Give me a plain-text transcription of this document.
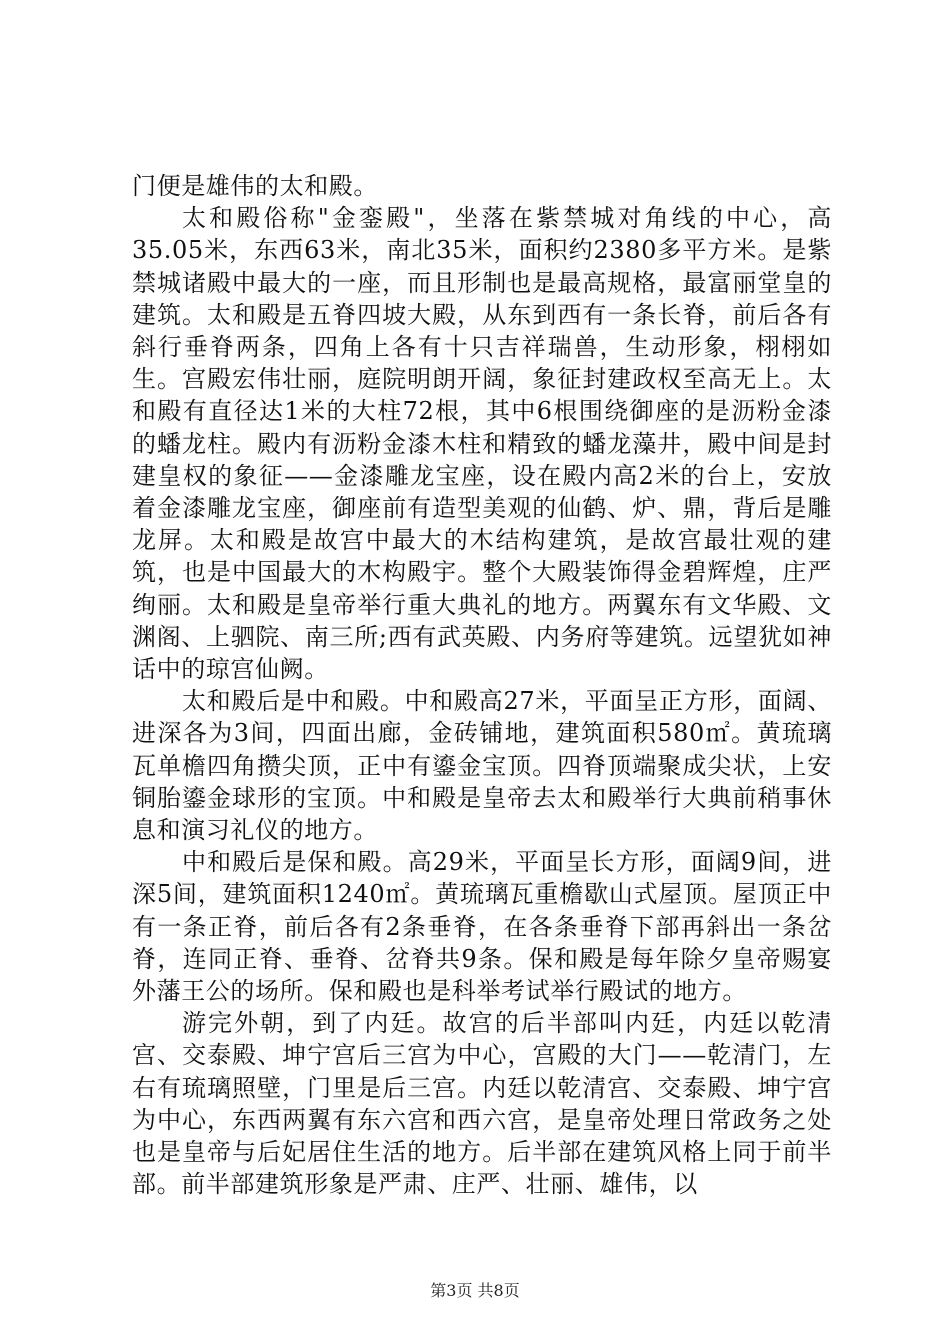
门便是雄伟的太和殿。

太和殿俗称"金銮殿"，坐落在紫禁城对角线的中心，高35.05米，东西63米，南北35米，面积约2380多平方米。是紫禁城诸殿中最大的一座，而且形制也是最高规格，最富丽堂皇的建筑。太和殿是五脊四坡大殿，从东到西有一条长脊，前后各有斜行垂脊两条，四角上各有十只吉祥瑞兽，生动形象，栩栩如生。宫殿宏伟壮丽，庭院明朗开阔，象征封建政权至高无上。太和殿有直径达1米的大柱72根，其中6根围绕御座的是沥粉金漆的蟠龙柱。殿内有沥粉金漆木柱和精致的蟠龙藻井，殿中间是封建皇权的象征——金漆雕龙宝座，设在殿内高2米的台上，安放着金漆雕龙宝座，御座前有造型美观的仙鹤、炉、鼎，背后是雕龙屏。太和殿是故宫中最大的木结构建筑，是故宫最壮观的建筑，也是中国最大的木构殿宇。整个大殿装饰得金碧辉煌，庄严绚丽。太和殿是皇帝举行重大典礼的地方。两翼东有文华殿、文渊阁、上驷院、南三所;西有武英殿、内务府等建筑。远望犹如神话中的琼宫仙阙。

太和殿后是中和殿。中和殿高27米，平面呈正方形，面阔、进深各为3间，四面出廊，金砖铺地，建筑面积580㎡。黄琉璃瓦单檐四角攒尖顶，正中有鎏金宝顶。四脊顶端聚成尖状，上安铜胎鎏金球形的宝顶。中和殿是皇帝去太和殿举行大典前稍事休息和演习礼仪的地方。

中和殿后是保和殿。高29米，平面呈长方形，面阔9间，进深5间，建筑面积1240㎡。黄琉璃瓦重檐歇山式屋顶。屋顶正中有一条正脊，前后各有2条垂脊，在各条垂脊下部再斜出一条岔脊，连同正脊、垂脊、岔脊共9条。保和殿是每年除夕皇帝赐宴外藩王公的场所。保和殿也是科举考试举行殿试的地方。

游完外朝，到了内廷。故宫的后半部叫内廷，内廷以乾清宫、交泰殿、坤宁宫后三宫为中心，宫殿的大门——乾清门，左右有琉璃照壁，门里是后三宫。内廷以乾清宫、交泰殿、坤宁宫为中心，东西两翼有东六宫和西六宫，是皇帝处理日常政务之处也是皇帝与后妃居住生活的地方。后半部在建筑风格上同于前半部。前半部建筑形象是严肃、庄严、壮丽、雄伟，以

第3页 共8页
